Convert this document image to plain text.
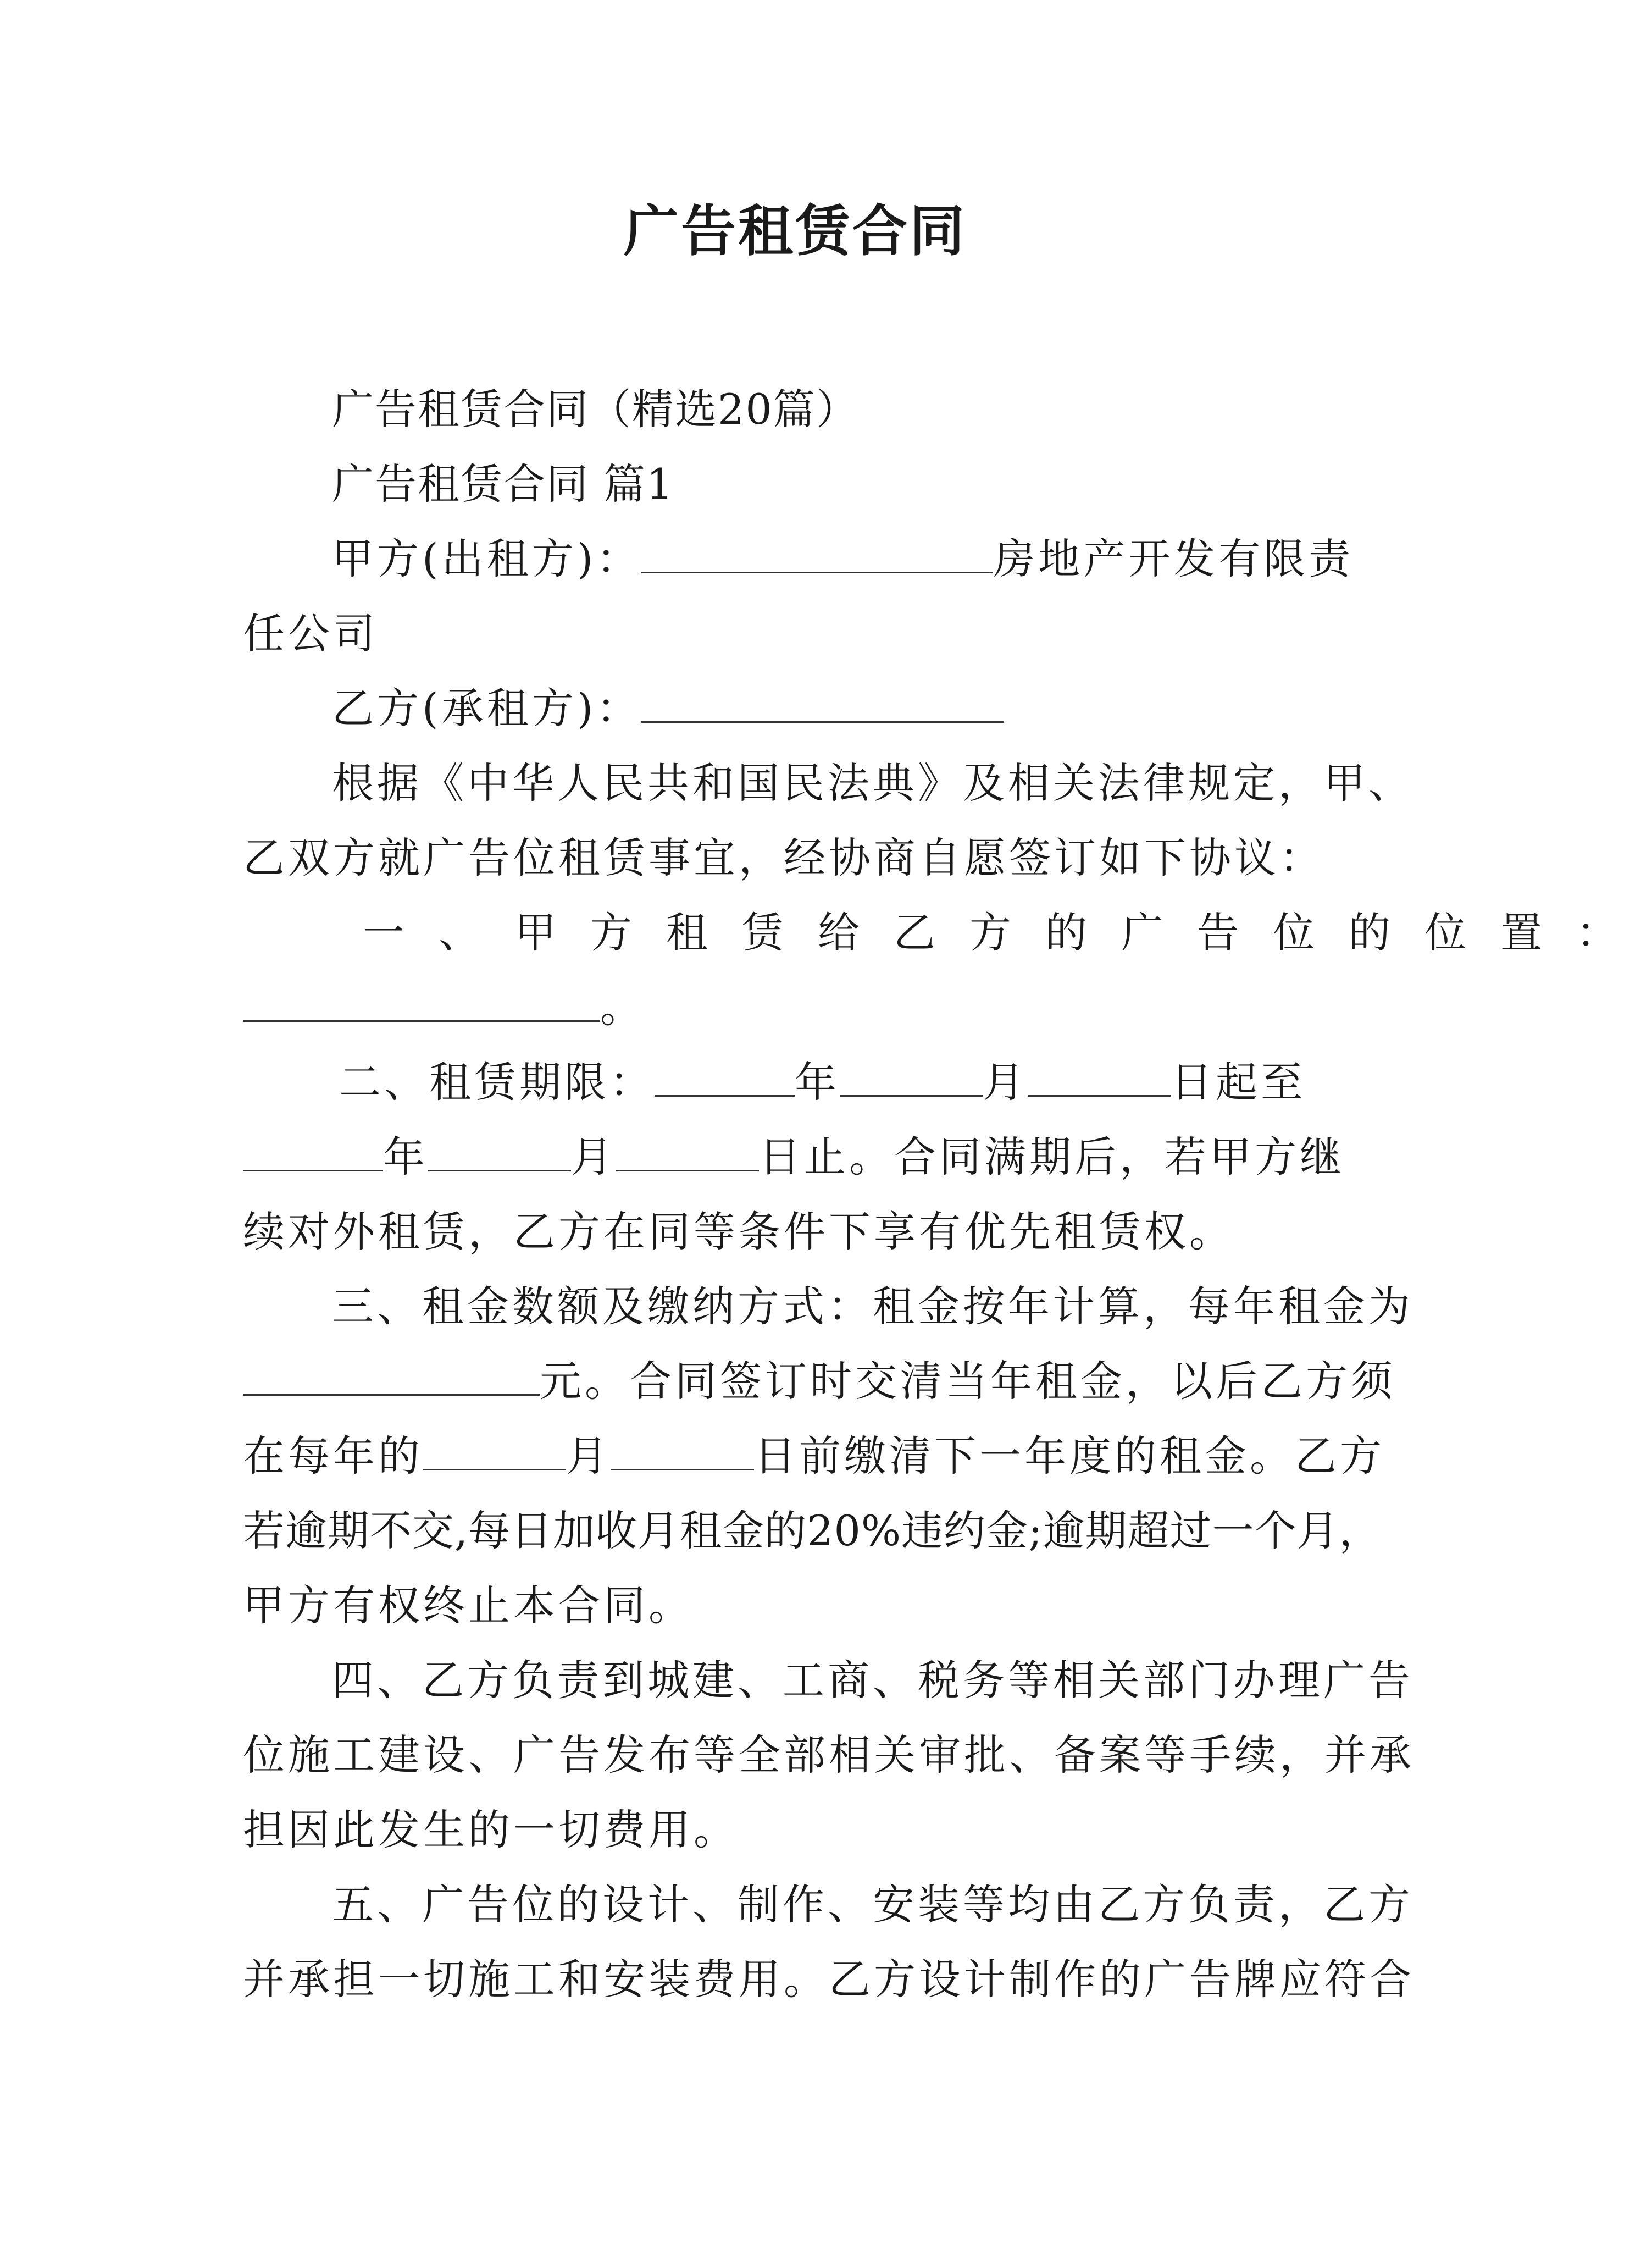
广告租赁合同
广告租赁合同（精选20篇）
广告租赁合同 篇1
甲方(出租方)：	房地产开发有限责
任公司
乙方(承租方)：
根据《中华人民共和国民法典》及相关法律规定，甲、
乙双方就广告位租赁事宜，经协商自愿签订如下协议：
一、甲方租赁给乙方的广告位的位置：
。
二、租赁期限：	年	月	日起至
年	月	日止。合同满期后，若甲方继
续对外租赁，乙方在同等条件下享有优先租赁权。
三、租金数额及缴纳方式：租金按年计算，每年租金为
元。合同签订时交清当年租金，以后乙方须
在每年的	月	日前缴清下一年度的租金。乙方
若逾期不交,每日加收月租金的20%违约金;逾期超过一个月，
甲方有权终止本合同。
四、乙方负责到城建、工商、税务等相关部门办理广告
位施工建设、广告发布等全部相关审批、备案等手续，并承
担因此发生的一切费用。
五、广告位的设计、制作、安装等均由乙方负责，乙方
并承担一切施工和安装费用。乙方设计制作的广告牌应符合
